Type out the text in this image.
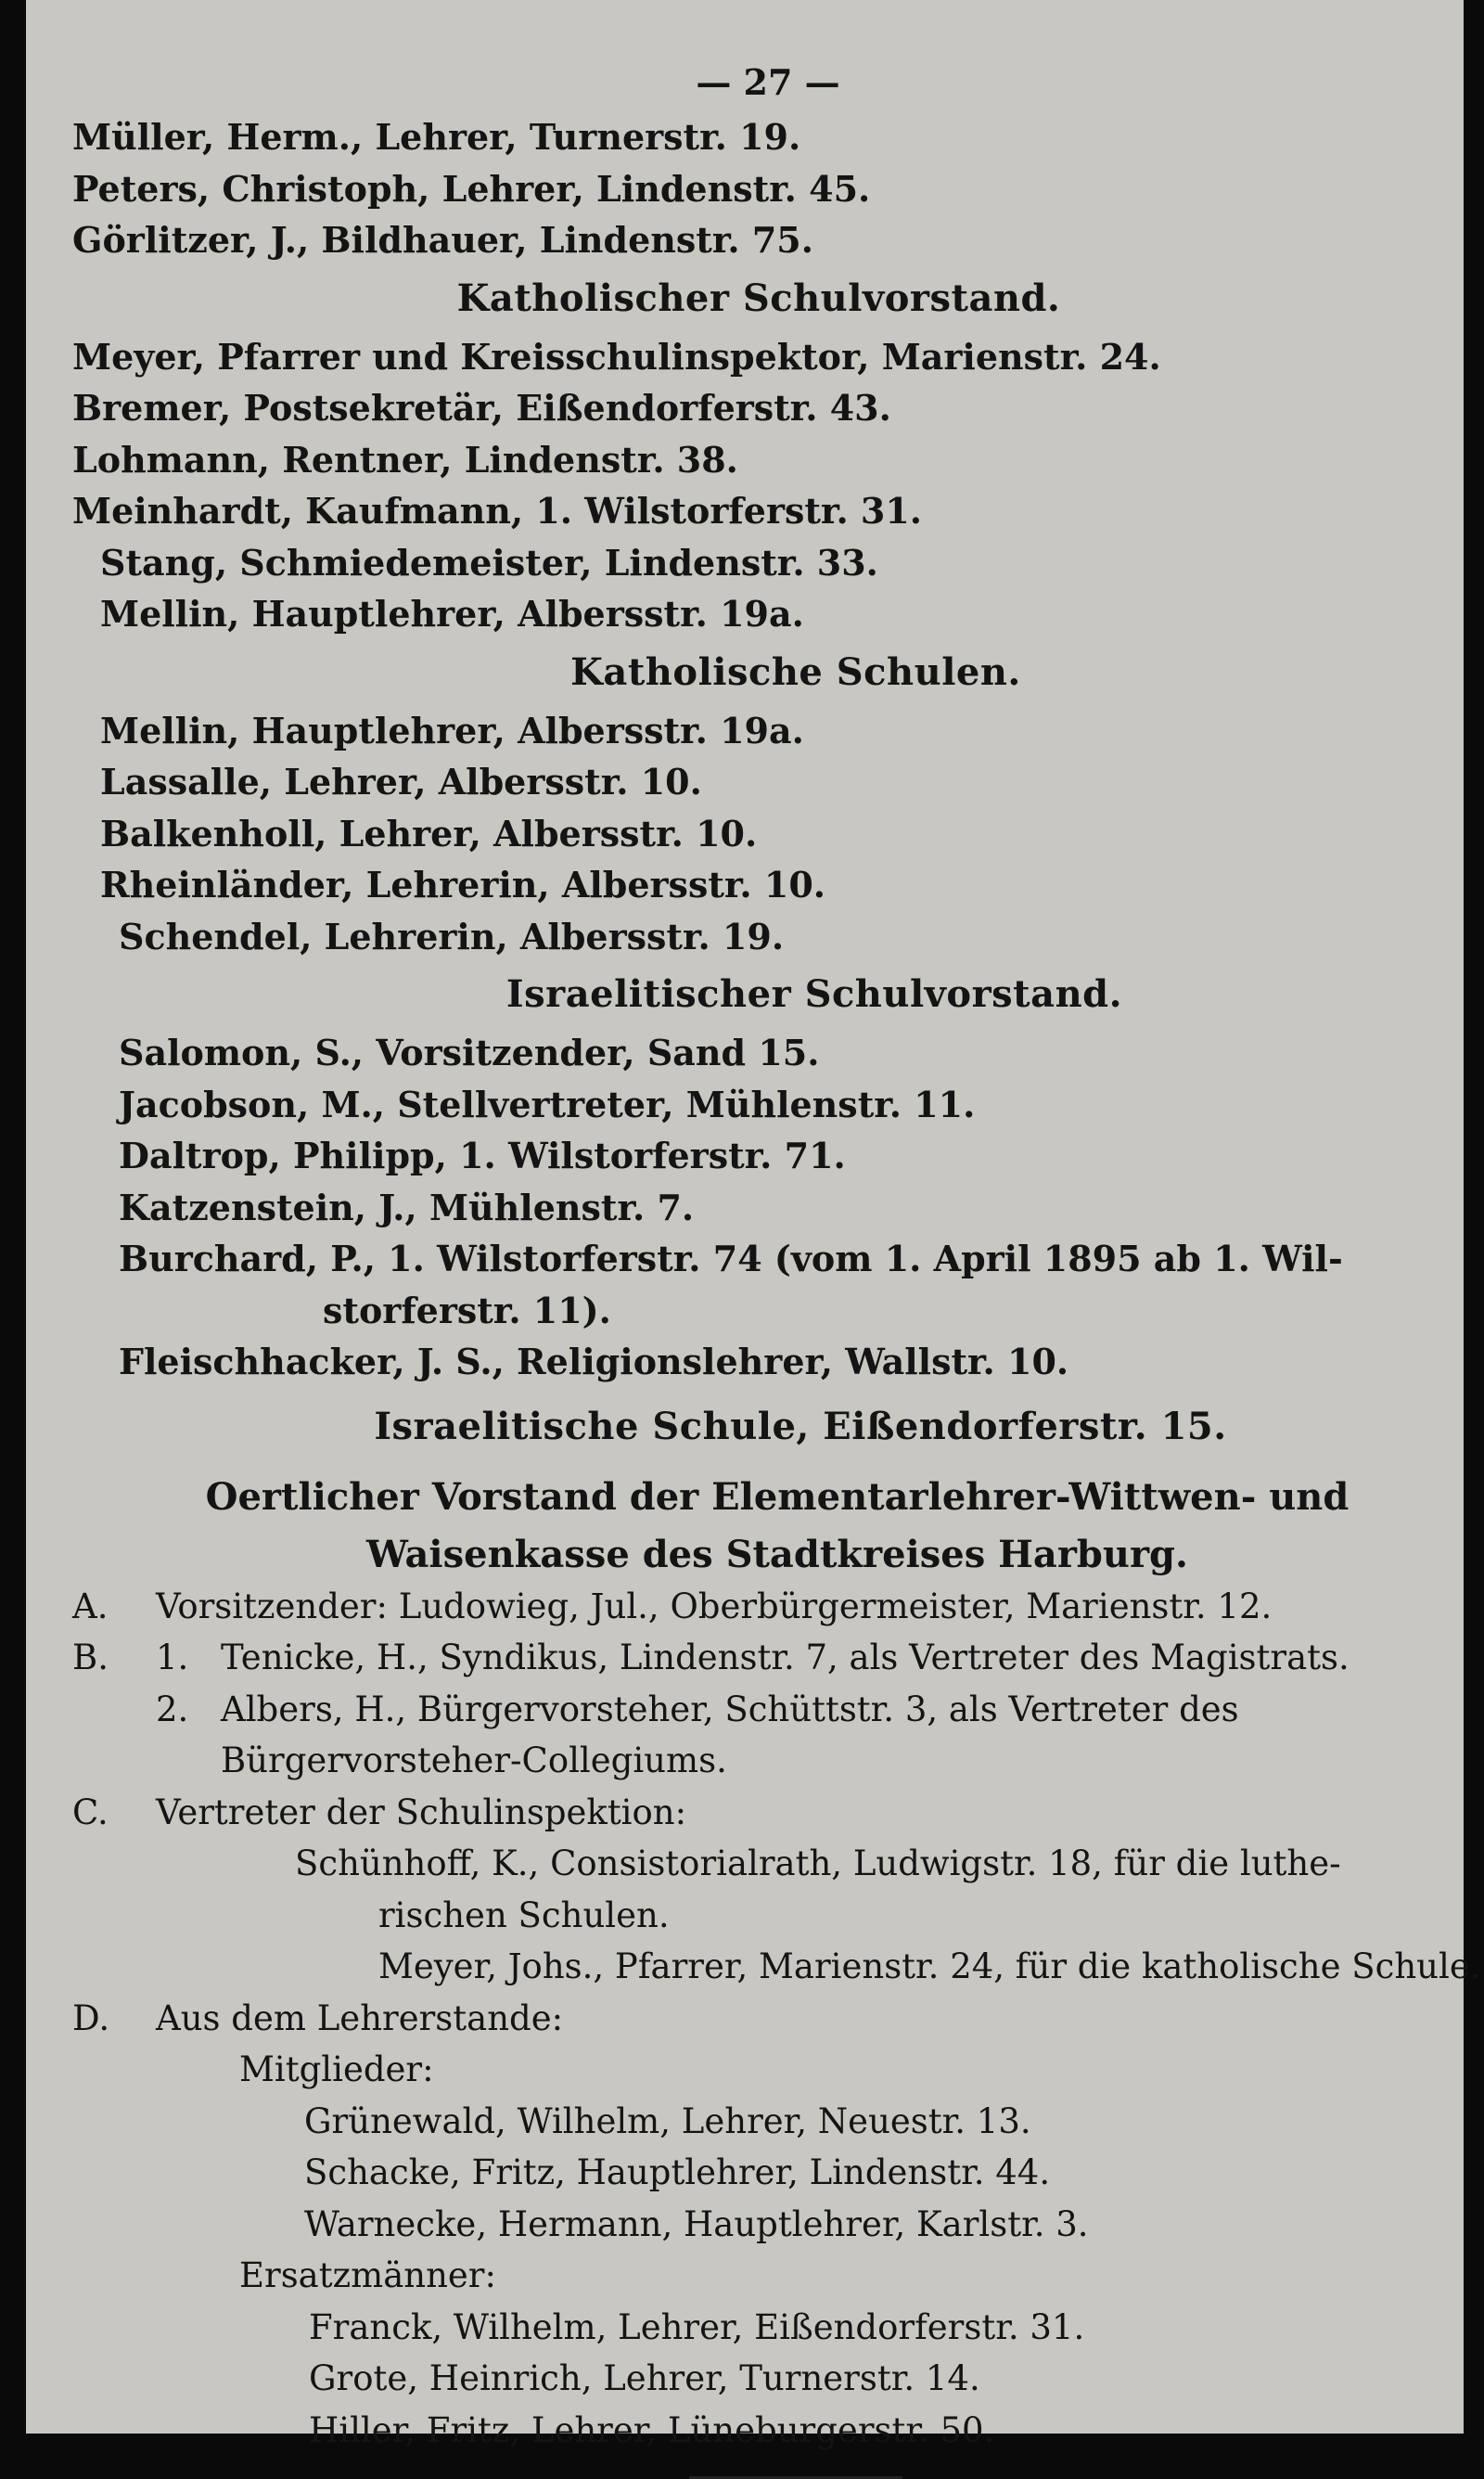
— 27 —
Müller, Herm., Lehrer, Turnerstr. 19.
Peters, Christoph, Lehrer, Lindenstr. 45.
Görlitzer, J., Bildhauer, Lindenstr. 75.
Katholischer Schulvorstand.
Meyer, Pfarrer und Kreisschulinspektor, Marienstr. 24.
Bremer, Postsekretär, Eißendorferstr. 43.
Lohmann, Rentner, Lindenstr. 38.
Meinhardt, Kaufmann, 1. Wilstorferstr. 31.
Stang, Schmiedemeister, Lindenstr. 33.
Mellin, Hauptlehrer, Albersstr. 19a.
Katholische Schulen.
Mellin, Hauptlehrer, Albersstr. 19a.
Lassalle, Lehrer, Albersstr. 10.
Balkenholl, Lehrer, Albersstr. 10.
Rheinländer, Lehrerin, Albersstr. 10.
Schendel, Lehrerin, Albersstr. 19.
Israelitischer Schulvorstand.
Salomon, S., Vorsitzender, Sand 15.
Jacobson, M., Stellvertreter, Mühlenstr. 11.
Daltrop, Philipp, 1. Wilstorferstr. 71.
Katzenstein, J., Mühlenstr. 7.
Burchard, P., 1. Wilstorferstr. 74 (vom 1. April 1895 ab 1. Wil-
storferstr. 11).
Fleischhacker, J. S., Religionslehrer, Wallstr. 10.
Israelitische Schule, Eißendorferstr. 15.
Oertlicher Vorstand der Elementarlehrer-Wittwen- und
Waisenkasse des Stadtkreises Harburg.
A. Vorsitzender: Ludowieg, Jul., Oberbürgermeister, Marienstr. 12.
B. 1. Tenicke, H., Syndikus, Lindenstr. 7, als Vertreter des Magistrats.
2. Albers, H., Bürgervorsteher, Schüttstr. 3, als Vertreter des
Bürgervorsteher-Collegiums.
C. Vertreter der Schulinspektion:
Schünhoff, K., Consistorialrath, Ludwigstr. 18, für die luthe-
rischen Schulen.
Meyer, Johs., Pfarrer, Marienstr. 24, für die katholische Schule.
D. Aus dem Lehrerstande:
Mitglieder:
Grünewald, Wilhelm, Lehrer, Neuestr. 13.
Schacke, Fritz, Hauptlehrer, Lindenstr. 44.
Warnecke, Hermann, Hauptlehrer, Karlstr. 3.
Ersatzmänner:
Franck, Wilhelm, Lehrer, Eißendorferstr. 31.
Grote, Heinrich, Lehrer, Turnerstr. 14.
Hiller, Fritz, Lehrer, Lüneburgerstr. 50.
